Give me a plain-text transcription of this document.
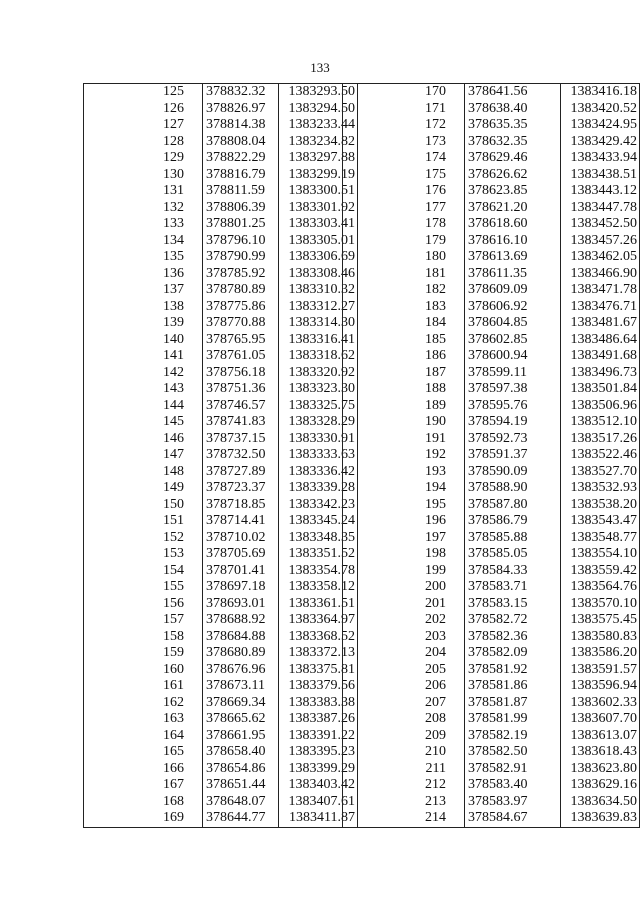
133
125	378832.32	1383293.50
126	378826.97	1383294.50
127	378814.38	1383233.44
128	378808.04	1383234.82
129	378822.29	1383297.88
130	378816.79	1383299.19
131	378811.59	1383300.51
132	378806.39	1383301.92
133	378801.25	1383303.41
134	378796.10	1383305.01
135	378790.99	1383306.69
136	378785.92	1383308.46
137	378780.89	1383310.32
138	378775.86	1383312.27
139	378770.88	1383314.30
140	378765.95	1383316.41
141	378761.05	1383318.62
142	378756.18	1383320.92
143	378751.36	1383323.30
144	378746.57	1383325.75
145	378741.83	1383328.29
146	378737.15	1383330.91
147	378732.50	1383333.63
148	378727.89	1383336.42
149	378723.37	1383339.28
150	378718.85	1383342.23
151	378714.41	1383345.24
152	378710.02	1383348.35
153	378705.69	1383351.52
154	378701.41	1383354.78
155	378697.18	1383358.12
156	378693.01	1383361.51
157	378688.92	1383364.97
158	378684.88	1383368.52
159	378680.89	1383372.13
160	378676.96	1383375.81
161	378673.11	1383379.56
162	378669.34	1383383.38
163	378665.62	1383387.26
164	378661.95	1383391.22
165	378658.40	1383395.23
166	378654.86	1383399.29
167	378651.44	1383403.42
168	378648.07	1383407.61
169	378644.77	1383411.87
170	378641.56	1383416.18
171	378638.40	1383420.52
172	378635.35	1383424.95
173	378632.35	1383429.42
174	378629.46	1383433.94
175	378626.62	1383438.51
176	378623.85	1383443.12
177	378621.20	1383447.78
178	378618.60	1383452.50
179	378616.10	1383457.26
180	378613.69	1383462.05
181	378611.35	1383466.90
182	378609.09	1383471.78
183	378606.92	1383476.71
184	378604.85	1383481.67
185	378602.85	1383486.64
186	378600.94	1383491.68
187	378599.11	1383496.73
188	378597.38	1383501.84
189	378595.76	1383506.96
190	378594.19	1383512.10
191	378592.73	1383517.26
192	378591.37	1383522.46
193	378590.09	1383527.70
194	378588.90	1383532.93
195	378587.80	1383538.20
196	378586.79	1383543.47
197	378585.88	1383548.77
198	378585.05	1383554.10
199	378584.33	1383559.42
200	378583.71	1383564.76
201	378583.15	1383570.10
202	378582.72	1383575.45
203	378582.36	1383580.83
204	378582.09	1383586.20
205	378581.92	1383591.57
206	378581.86	1383596.94
207	378581.87	1383602.33
208	378581.99	1383607.70
209	378582.19	1383613.07
210	378582.50	1383618.43
211	378582.91	1383623.80
212	378583.40	1383629.16
213	378583.97	1383634.50
214	378584.67	1383639.83
